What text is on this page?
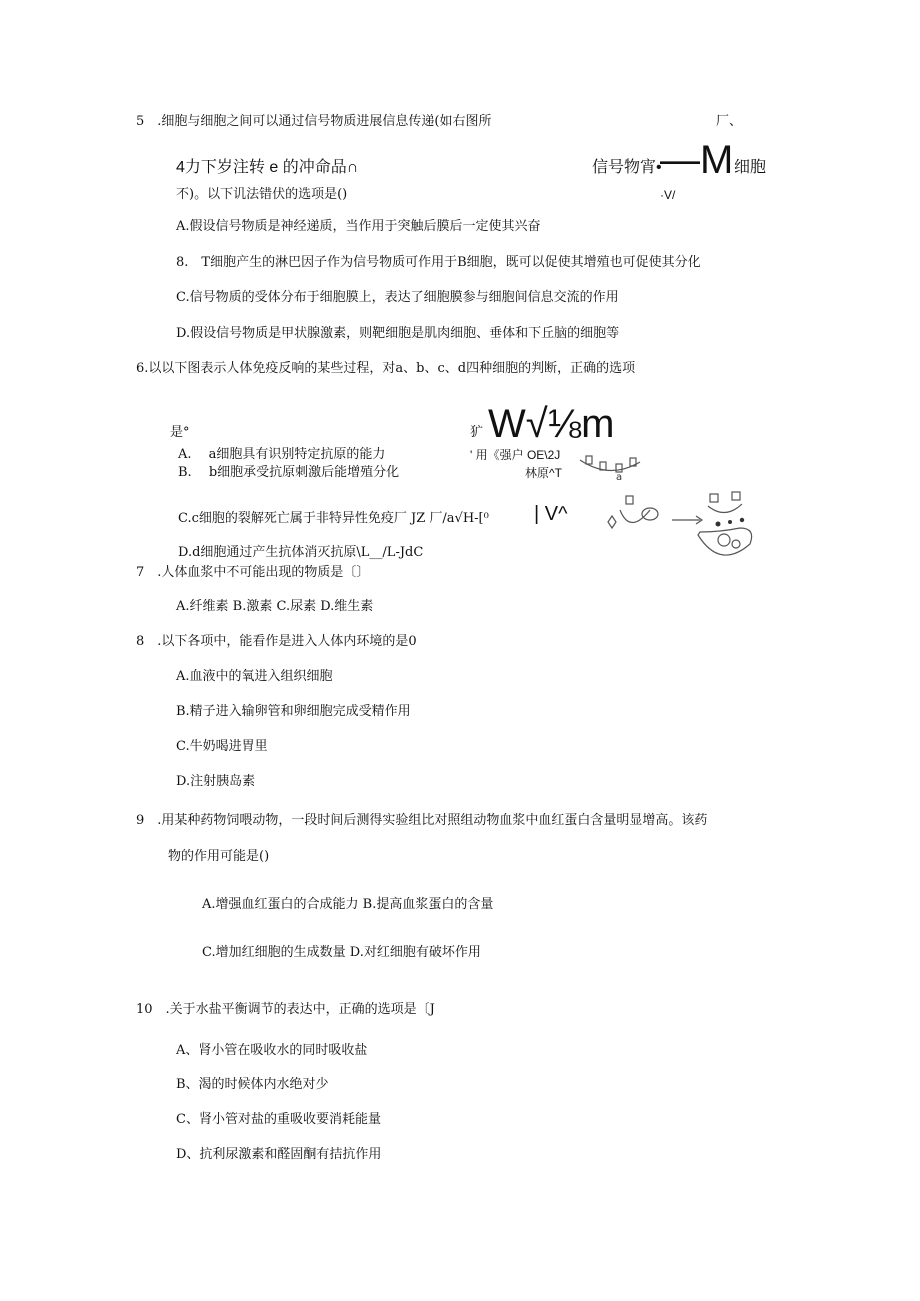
5　.细胞与细胞之间可以通过信号物质进展信息传递(如右图所	厂、
4力下岁注转 e 的冲命品∩	信号物宵•
—M 细胞
不)。以下讥法错伏的选项是()	·V/
A.假设信号物质是神经递质，当作用于突触后膜后一定使其兴奋
8.　T细胞产生的淋巴因子作为信号物质可作用于B细胞，既可以促使其增殖也可促使其分化
C.信号物质的受体分布于细胞膜上，表达了细胞膜参与细胞间信息交流的作用
D.假设信号物质是甲状腺激素，则靶细胞是肌肉细胞、垂体和下丘脑的细胞等
6.以以下图表示人体免疫反响的某些过程，对a、b、c、d四种细胞的判断，正确的选项
是°	犷 W√⅛m
A.　 a细胞具有识别特定抗原的能力	' 用《强户 OE\2J
B.　 b细胞承受抗原刺激后能增殖分化	林原^T
C.c细胞的裂解死亡属于非特异性免疫厂 JZ 厂/a√H-[⁰ | V^
D.d细胞通过产生抗体消灭抗原\L__/L-JdC
a
7　.人体血浆中不可能出现的物质是〔〕
A.纤维素 B.激素 C.尿素 D.维生素
8　.以下各项中，能看作是进入人体内环境的是0
A.血液中的氧进入组织细胞
B.精子进入输卵管和卵细胞完成受精作用
C.牛奶喝进胃里
D.注射胰岛素
9　.用某种药物饲喂动物，一段时间后测得实验组比对照组动物血浆中血红蛋白含量明显增高。该药
物的作用可能是()
A.增强血红蛋白的合成能力 B.提高血浆蛋白的含量
C.增加红细胞的生成数量 D.对红细胞有破坏作用
10　.关于水盐平衡调节的表达中，正确的选项是〔J
A、肾小管在吸收水的同时吸收盐
B、渴的时候体内水绝对少
C、肾小管对盐的重吸收要消耗能量
D、抗利尿激素和醛固酮有拮抗作用
